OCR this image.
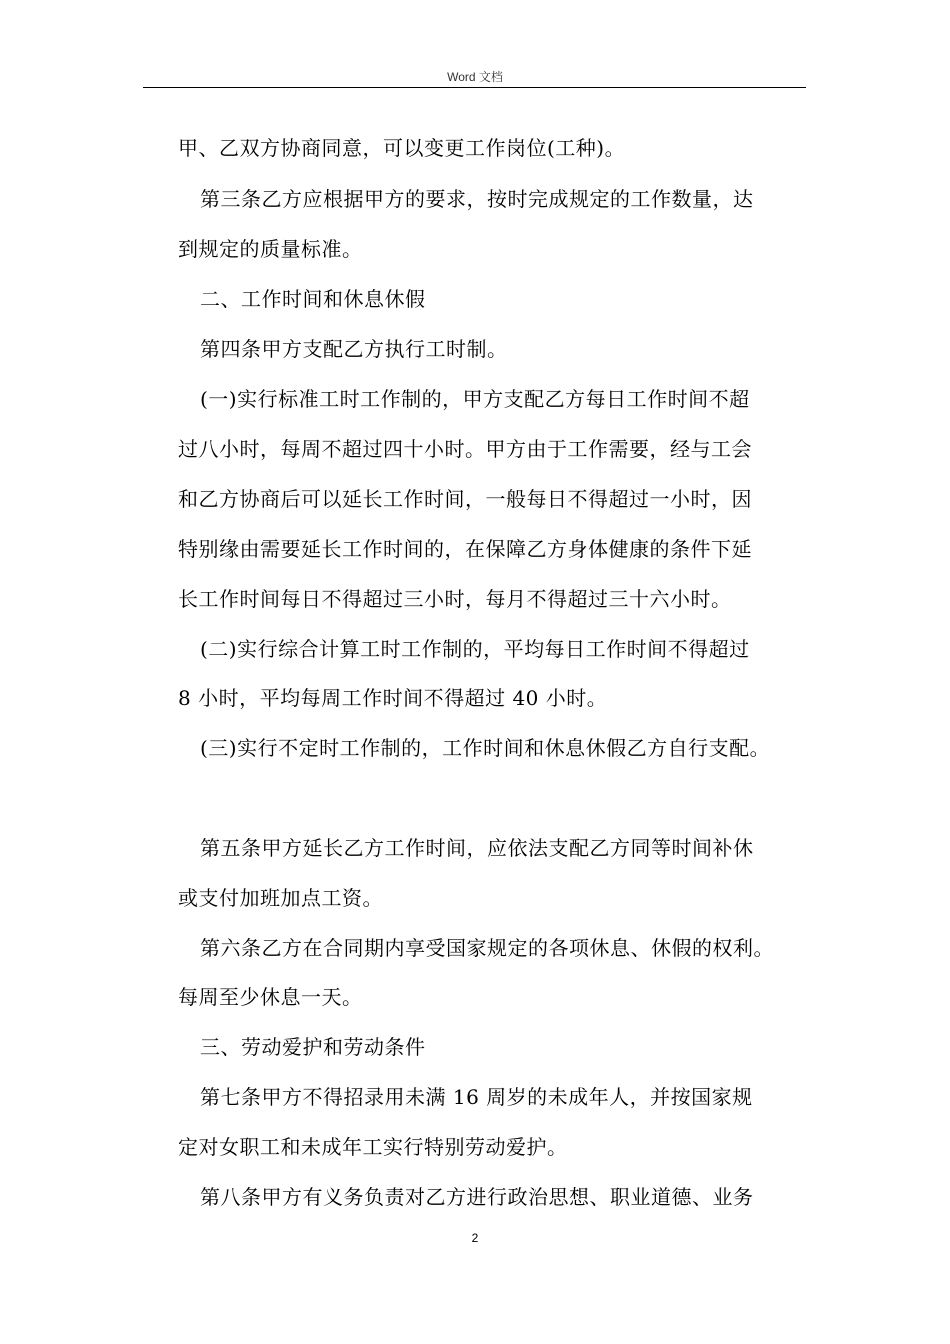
Word 文档
甲、乙双方协商同意，可以变更工作岗位(工种)。
第三条乙方应根据甲方的要求，按时完成规定的工作数量，达
到规定的质量标准。
二、工作时间和休息休假
第四条甲方支配乙方执行工时制。
(一)实行标准工时工作制的，甲方支配乙方每日工作时间不超
过八小时，每周不超过四十小时。甲方由于工作需要，经与工会
和乙方协商后可以延长工作时间，一般每日不得超过一小时，因
特别缘由需要延长工作时间的，在保障乙方身体健康的条件下延
长工作时间每日不得超过三小时，每月不得超过三十六小时。
(二)实行综合计算工时工作制的，平均每日工作时间不得超过
8 小时，平均每周工作时间不得超过 40 小时。
(三)实行不定时工作制的，工作时间和休息休假乙方自行支配。
第五条甲方延长乙方工作时间，应依法支配乙方同等时间补休
或支付加班加点工资。
第六条乙方在合同期内享受国家规定的各项休息、休假的权利。
每周至少休息一天。
三、劳动爱护和劳动条件
第七条甲方不得招录用未满 16 周岁的未成年人，并按国家规
定对女职工和未成年工实行特别劳动爱护。
第八条甲方有义务负责对乙方进行政治思想、职业道德、业务
2
